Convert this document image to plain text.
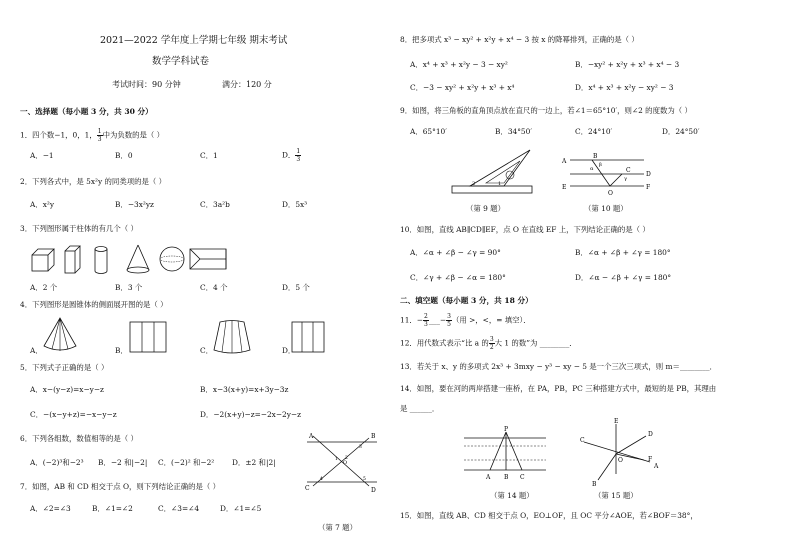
2021—2022 学年度上学期七年级 期末考试
数学学科试卷
考试时间：90 分钟	满分：120 分
一、选择题（每小题 3 分，共 30 分）
1．四个数−1，0，1， $\frac{1}{3}$ 中为负数的是（ ）
A．−1	B．0	C．1	D． $\frac{1}{3}$
2．下列各式中，是 5x²y 的同类项的是（ ）
A．x²y	B．−3x²yz	C．3a²b	D．5x³
3．下列图形属于柱体的有几个（ ）
A．2 个	B．3 个	C．4 个	D．5 个
4．下列图形是圆锥体的侧面展开图的是（ ）
A．	B．	C．	D．
5．下列式子正确的是（ ）
A．x−(y−z)=x−y−z	B．x−3(x+y)=x+3y−3z
C．−(x−y+z)=−x−y−z	D．−2(x+y)−z=−2x−2y−z
6．下列各组数，数值相等的是（ ）
A．(−2)³和−2³ B．−2 和|−2| C．(−2)² 和−2² D．±2 和|2|
A	B
C	D
O
1 2
3
4	5
7．如图，AB 和 CD 相交于点 O，则下列结论正确的是（ ）
A．∠2=∠3	B．∠1=∠2	C．∠3=∠4	D．∠1=∠5
（第 7 题）
8．把多项式 x³ − xy² + x²y + x⁴ − 3 按 x 的降幂排列，正确的是（ ）
A．x⁴ + x³ + x²y − 3 − xy²	B．−xy² + x²y + x³ + x⁴ − 3
C．−3 − xy² + x²y + x³ + x⁴	D．x⁴ + x³ + x²y − xy² − 3
9．如图，将三角板的直角顶点放在直尺的一边上，若∠1＝65°10′，则∠2 的度数为（ ）
A．65°10′	B．34°50′	C．24°10′	D．24°50′
2	1
（第 9 题）
A
B
C
D
E	F
O
α
β
γ
（第 10 题）
10．如图，直线 AB∥CD∥EF，点 O 在直线 EF 上，下列结论正确的是（ ）
A．∠α + ∠β − ∠γ = 90°	B．∠α + ∠β + ∠γ = 180°
C．∠γ + ∠β − ∠α = 180°	D．∠α − ∠β + ∠γ = 180°
二、填空题（每小题 3 分，共 18 分）
11．− $\frac{2}{3}$ ___− $\frac{3}{5}$ （用 >，<，= 填空）．
12．用代数式表示“比 a 的 $\frac{3}{2}$ 大 1 的数”为 ________．
13．若关于 x、y 的多项式 2x³ + 3mxy − y³ − xy − 5 是一个三次三项式，则 m＝________．
14．如图，要在河的两岸搭建一座桥，在 PA，PB，PC 三种搭建方式中，最短的是 PB，其理由
是 ______．
P
A B C
（第 14 题）
E
C
D
F
O
A
B
（第 15 题）
15．如图，直线 AB、CD 相交于点 O，EO⊥OF，且 OC 平分∠AOE，若∠BOF＝38°，
